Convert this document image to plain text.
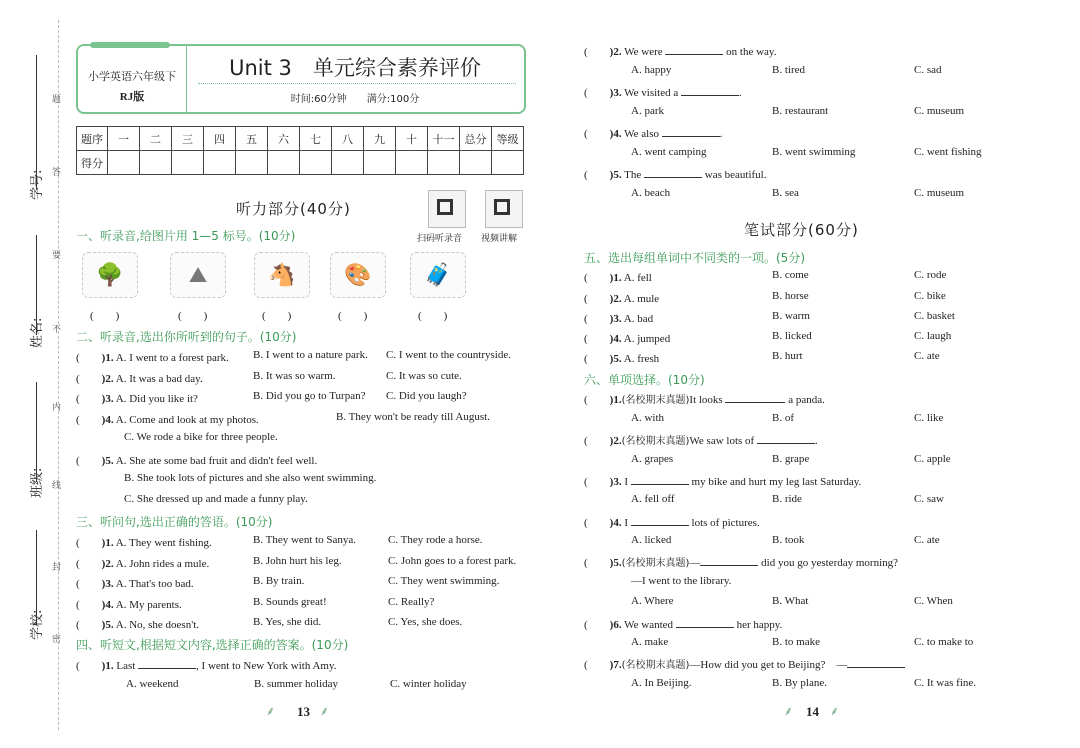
学号:
姓名:
班级:
学校:
题
答
要
不
内
线
封
密
小学英语六年级下
RJ版
Unit 3　单元综合素养评价
时间:60分钟　　满分:100分
题序	一	二	三	四	五	六	七	八	九	十	十一	总分	等级
得分													
听力部分(40分)
扫码听录音 视频讲解
一、听录音,给图片用 1—5 标号。(10分)
🌳	⛰	🐴	🎨	🧳
(　　)	(　　)	(　　)	(　　)	(　　)
二、听录音,选出你所听到的句子。(10分)
(　　)1. A. I went to a forest park. B. I went to a nature park. C. I went to the countryside.
(　　)2. A. It was a bad day.	B. It was so warm.	C. It was so cute.
(　　)3. A. Did you like it?	B. Did you go to Turpan? C. Did you laugh?
(　　)4. A. Come and look at my photos.	B. They won't be ready till August.
C. We rode a bike for three people.
(　　)5. A. She ate some bad fruit and didn't feel well.
B. She took lots of pictures and she also went swimming.
C. She dressed up and made a funny play.
三、听问句,选出正确的答语。(10分)
(　　)1. A. They went fishing.	B. They went to Sanya.	C. They rode a horse.
(　　)2. A. John rides a mule.	B. John hurt his leg.	C. John goes to a forest park.
(　　)3. A. That's too bad.	B. By train.	C. They went swimming.
(　　)4. A. My parents.	B. Sounds great!	C. Really?
(　　)5. A. No, she doesn't.	B. Yes, she did.	C. Yes, she does.
四、听短文,根据短文内容,选择正确的答案。(10分)
(　　)1. Last	, I went to New York with Amy.
A. weekend	B. summer holiday	C. winter holiday
⸙ 13 ⸙
(　　)2. We were	on the way.
A. happy	B. tired	C. sad
(　　)3. We visited a	.
A. park	B. restaurant	C. museum
(　　)4. We also	.
A. went camping	B. went swimming	C. went fishing
(　　)5. The	was beautiful.
A. beach	B. sea	C. museum
笔试部分(60分)
五、选出每组单词中不同类的一项。(5分)
(　　)1. A. fell	B. come	C. rode
(　　)2. A. mule	B. horse	C. bike
(　　)3. A. bad	B. warm	C. basket
(　　)4. A. jumped	B. licked	C. laugh
(　　)5. A. fresh	B. hurt	C. ate
六、单项选择。(10分)
(　　)1.(名校期末真题)It looks	a panda.
A. with	B. of	C. like
(　　)2.(名校期末真题)We saw lots of	.
A. grapes	B. grape	C. apple
(　　)3. I	my bike and hurt my leg last Saturday.
A. fell off	B. ride	C. saw
(　　)4. I	lots of pictures.
A. licked	B. took	C. ate
(　　)5.(名校期末真题)—	did you go yesterday morning?
—I went to the library.
A. Where	B. What	C. When
(　　)6. We wanted	her happy.
A. make	B. to make	C. to make to
(　　)7.(名校期末真题)—How did you get to Beijing?　—
A. In Beijing.	B. By plane.	C. It was fine.
⸙ 14 ⸙
